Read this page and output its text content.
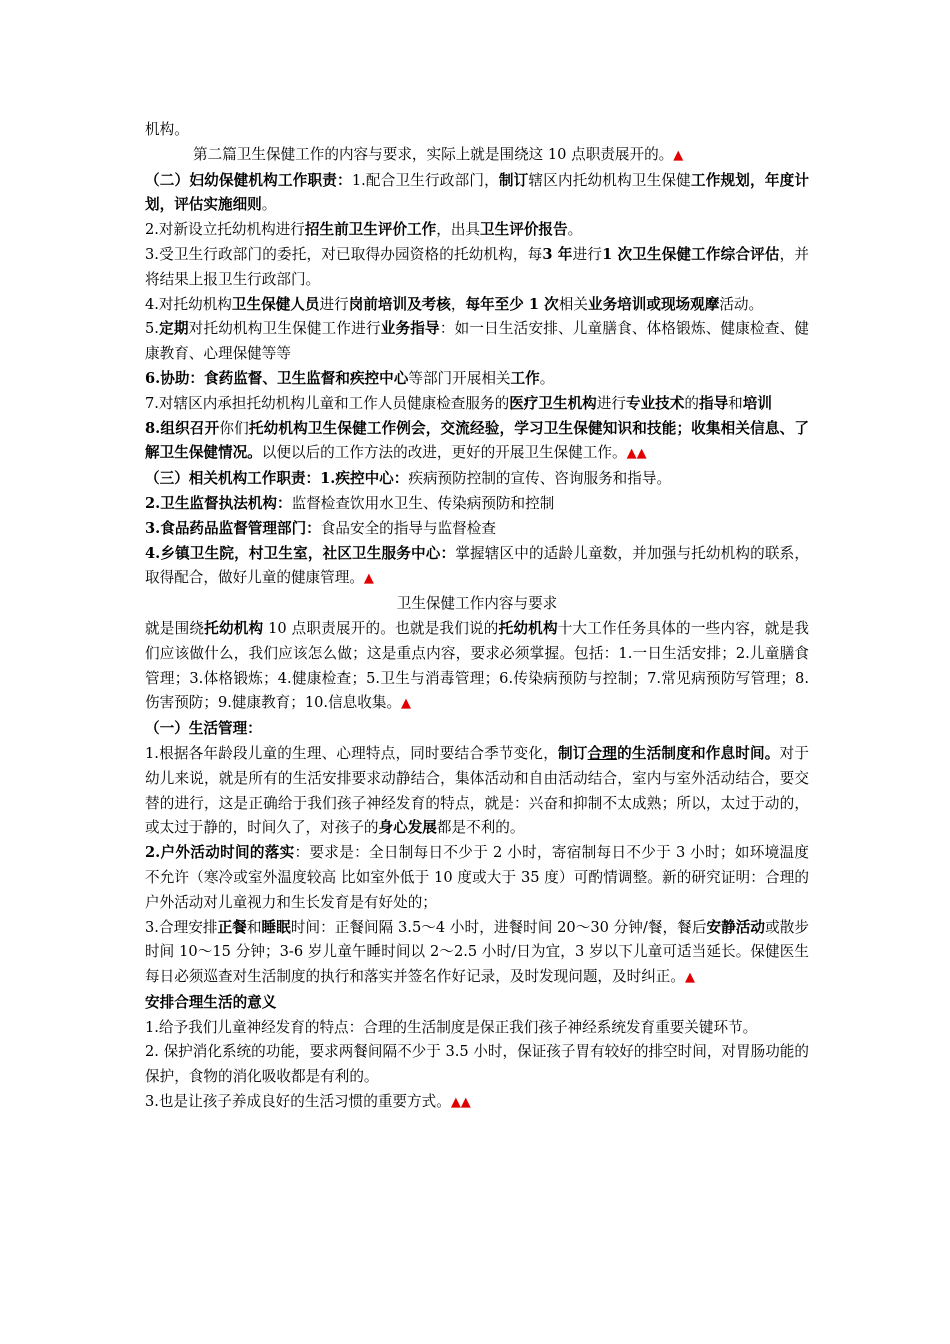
机构。

第二篇卫生保健工作的内容与要求，实际上就是围绕这 10 点职责展开的。▲

（二）妇幼保健机构工作职责：1.配合卫生行政部门，制订辖区内托幼机构卫生保健工作规划，年度计划，评估实施细则。

2.对新设立托幼机构进行招生前卫生评价工作，出具卫生评价报告。

3.受卫生行政部门的委托，对已取得办园资格的托幼机构，每3 年进行1 次卫生保健工作综合评估，并将结果上报卫生行政部门。

4.对托幼机构卫生保健人员进行岗前培训及考核，每年至少 1 次相关业务培训或现场观摩活动。

5.定期对托幼机构卫生保健工作进行业务指导：如一日生活安排、儿童膳食、体格锻炼、健康检查、健康教育、心理保健等等

6.协助：食药监督、卫生监督和疾控中心等部门开展相关工作。

7.对辖区内承担托幼机构儿童和工作人员健康检查服务的医疗卫生机构进行专业技术的指导和培训

8.组织召开你们托幼机构卫生保健工作例会，交流经验，学习卫生保健知识和技能；收集相关信息、了解卫生保健情况。以便以后的工作方法的改进，更好的开展卫生保健工作。▲▲

（三）相关机构工作职责：1.疾控中心：疾病预防控制的宣传、咨询服务和指导。

2.卫生监督执法机构：监督检查饮用水卫生、传染病预防和控制

3.食品药品监督管理部门：食品安全的指导与监督检查

4.乡镇卫生院，村卫生室，社区卫生服务中心：掌握辖区中的适龄儿童数，并加强与托幼机构的联系，取得配合，做好儿童的健康管理。▲

卫生保健工作内容与要求

就是围绕托幼机构 10 点职责展开的。也就是我们说的托幼机构十大工作任务具体的一些内容，就是我们应该做什么，我们应该怎么做；这是重点内容，要求必须掌握。包括：1.一日生活安排；2.儿童膳食管理；3.体格锻炼；4.健康检查；5.卫生与消毒管理；6.传染病预防与控制；7.常见病预防写管理；8.伤害预防；9.健康教育；10.信息收集。▲

（一）生活管理：

1.根据各年龄段儿童的生理、心理特点，同时要结合季节变化，制订合理的生活制度和作息时间。对于幼儿来说，就是所有的生活安排要求动静结合，集体活动和自由活动结合，室内与室外活动结合，要交替的进行，这是正确给于我们孩子神经发育的特点，就是：兴奋和抑制不太成熟；所以，太过于动的，或太过于静的，时间久了，对孩子的身心发展都是不利的。

2.户外活动时间的落实：要求是：全日制每日不少于 2 小时，寄宿制每日不少于 3 小时；如环境温度不允许（寒冷或室外温度较高 比如室外低于 10 度或大于 35 度）可酌情调整。新的研究证明：合理的户外活动对儿童视力和生长发育是有好处的；

3.合理安排正餐和睡眠时间：正餐间隔 3.5～4 小时，进餐时间 20～30 分钟/餐，餐后安静活动或散步时间 10～15 分钟；3-6 岁儿童午睡时间以 2～2.5 小时/日为宜，3 岁以下儿童可适当延长。保健医生每日必须巡查对生活制度的执行和落实并签名作好记录，及时发现问题，及时纠正。▲

安排合理生活的意义

1.给予我们儿童神经发育的特点：合理的生活制度是保正我们孩子神经系统发育重要关键环节。

2. 保护消化系统的功能，要求两餐间隔不少于 3.5 小时，保证孩子胃有较好的排空时间，对胃肠功能的保护，食物的消化吸收都是有利的。

3.也是让孩子养成良好的生活习惯的重要方式。▲▲
